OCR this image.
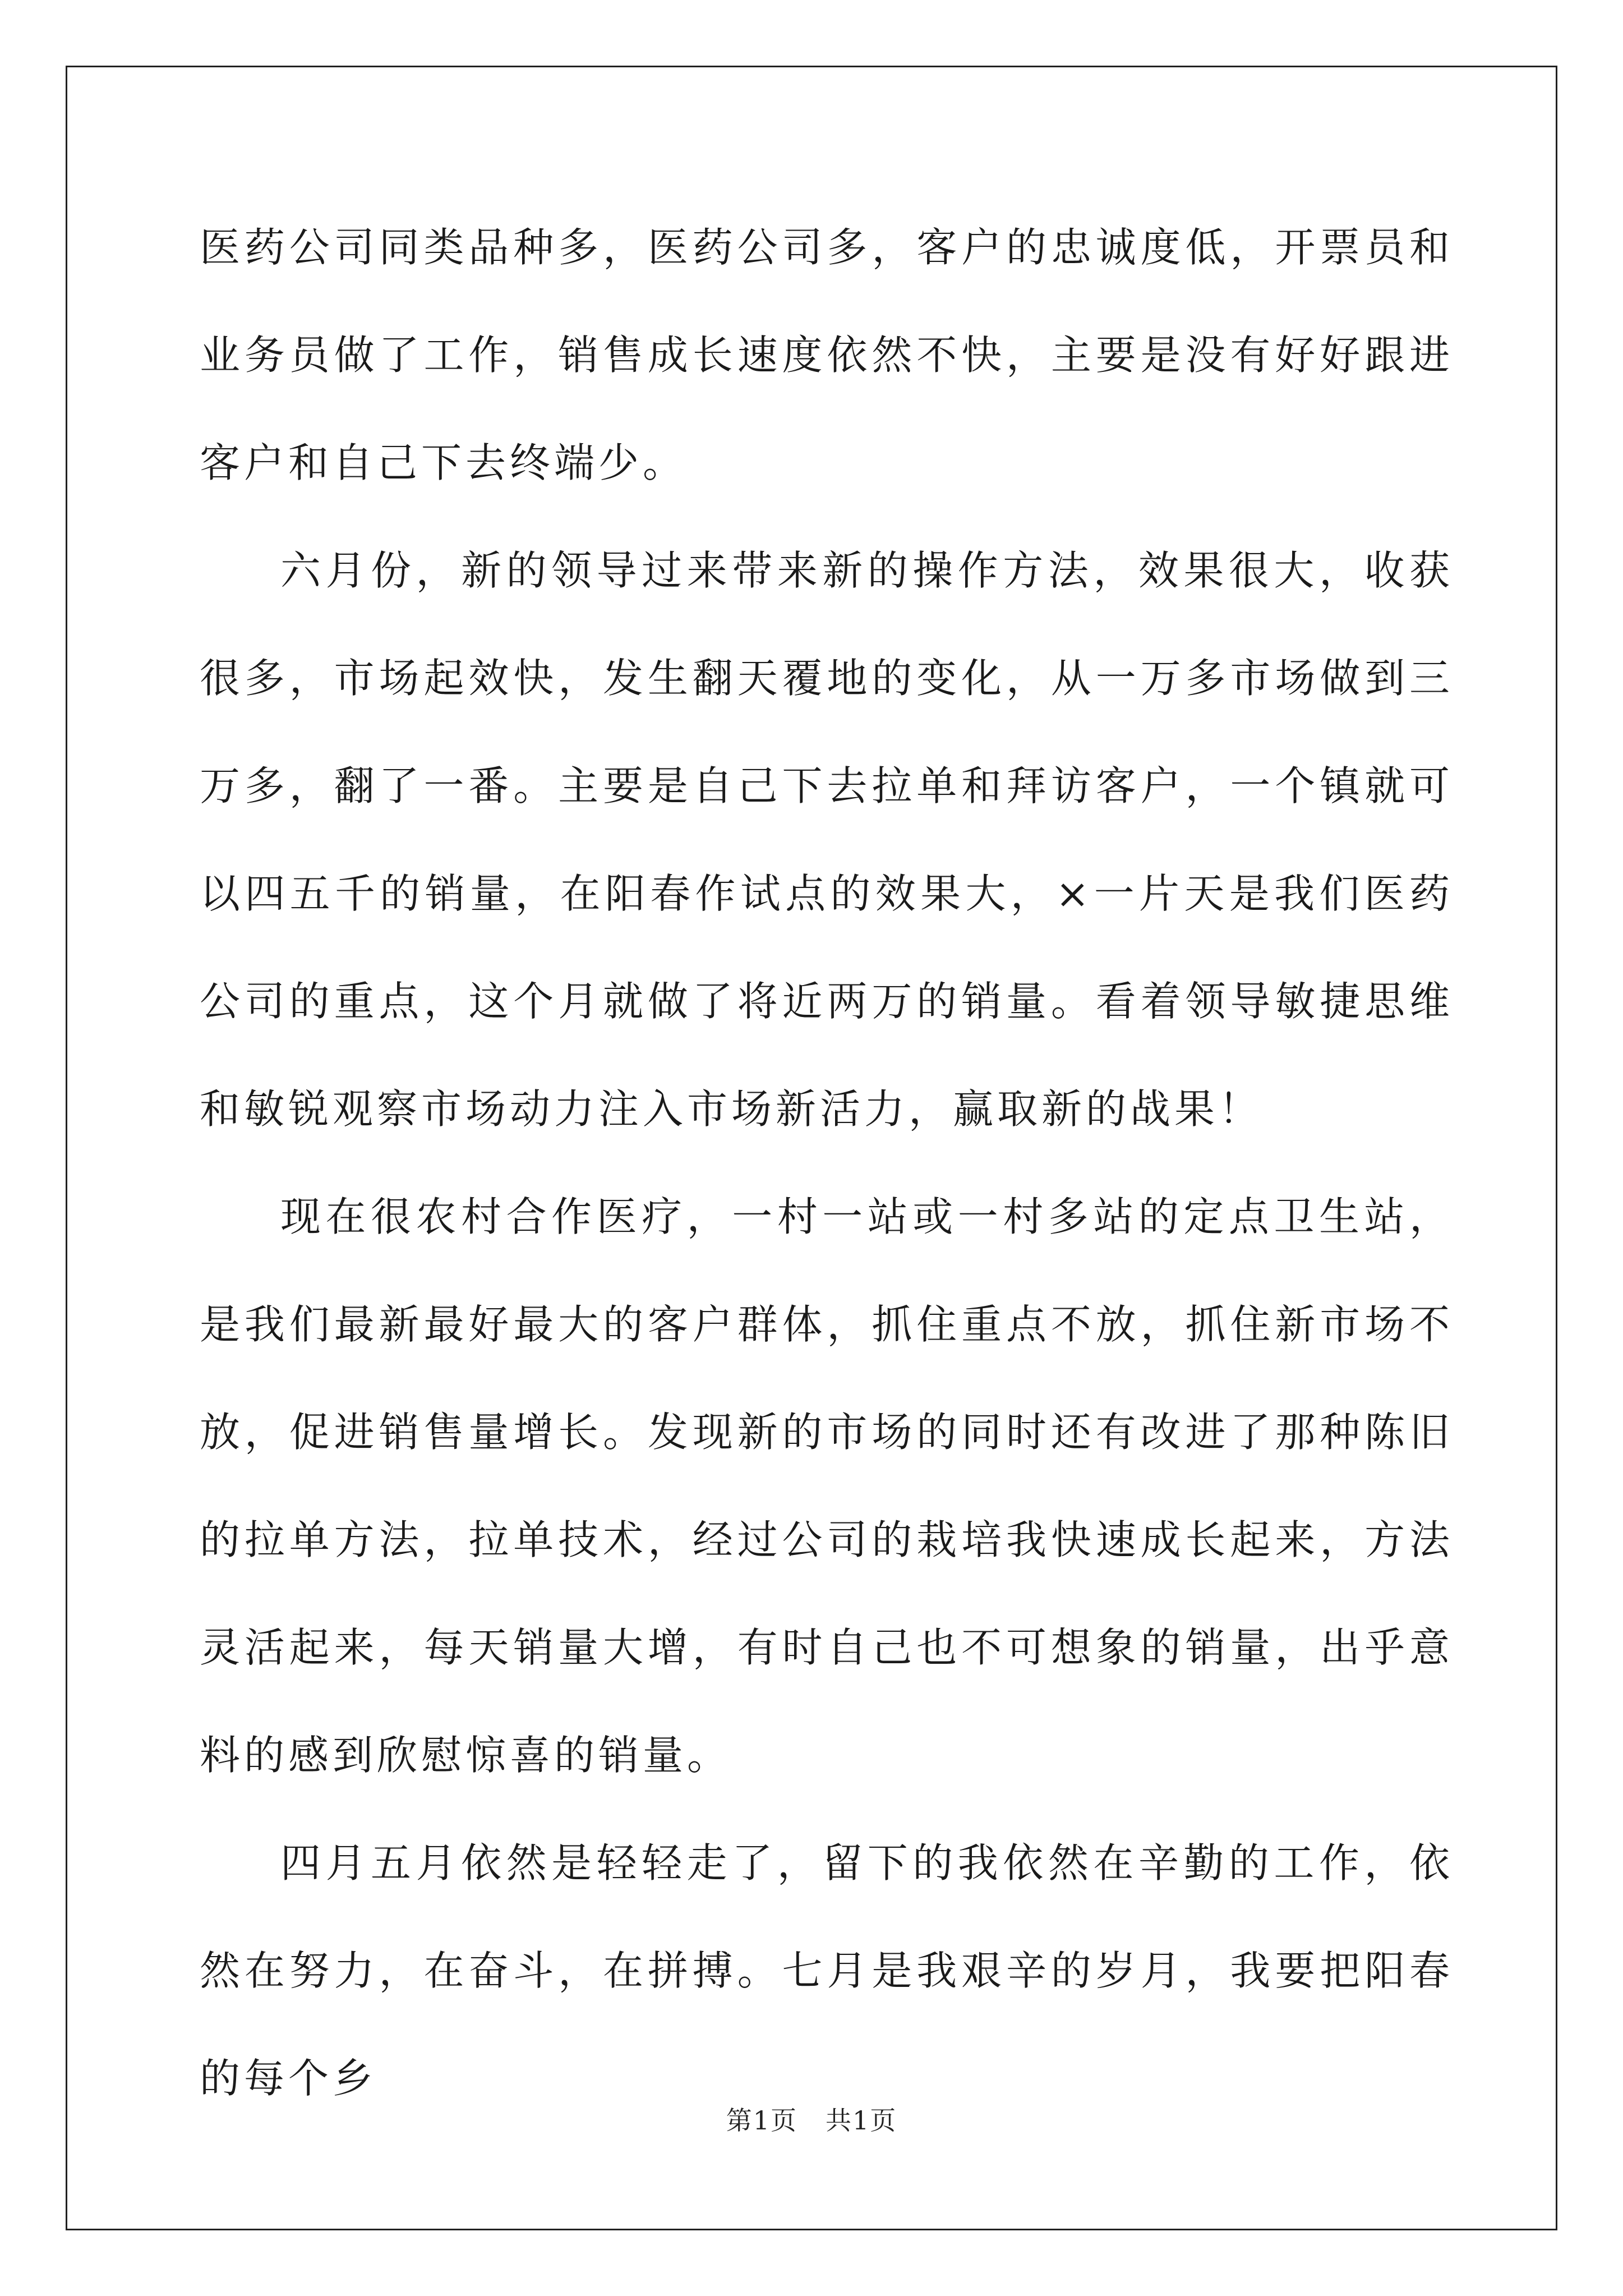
医药公司同类品种多，医药公司多，客户的忠诚度低，开票员和业务员做了工作，销售成长速度依然不快，主要是没有好好跟进客户和自己下去终端少。

六月份，新的领导过来带来新的操作方法，效果很大，收获很多，市场起效快，发生翻天覆地的变化，从一万多市场做到三万多，翻了一番。主要是自己下去拉单和拜访客户，一个镇就可以四五千的销量，在阳春作试点的效果大，×一片天是我们医药公司的重点，这个月就做了将近两万的销量。看着领导敏捷思维和敏锐观察市场动力注入市场新活力，赢取新的战果！

现在很农村合作医疗，一村一站或一村多站的定点卫生站，是我们最新最好最大的客户群体，抓住重点不放，抓住新市场不放，促进销售量增长。发现新的市场的同时还有改进了那种陈旧的拉单方法，拉单技术，经过公司的栽培我快速成长起来，方法灵活起来，每天销量大增，有时自己也不可想象的销量，出乎意料的感到欣慰惊喜的销量。

四月五月依然是轻轻走了，留下的我依然在辛勤的工作，依然在努力，在奋斗，在拼搏。七月是我艰辛的岁月，我要把阳春的每个乡

第1页 共1页
